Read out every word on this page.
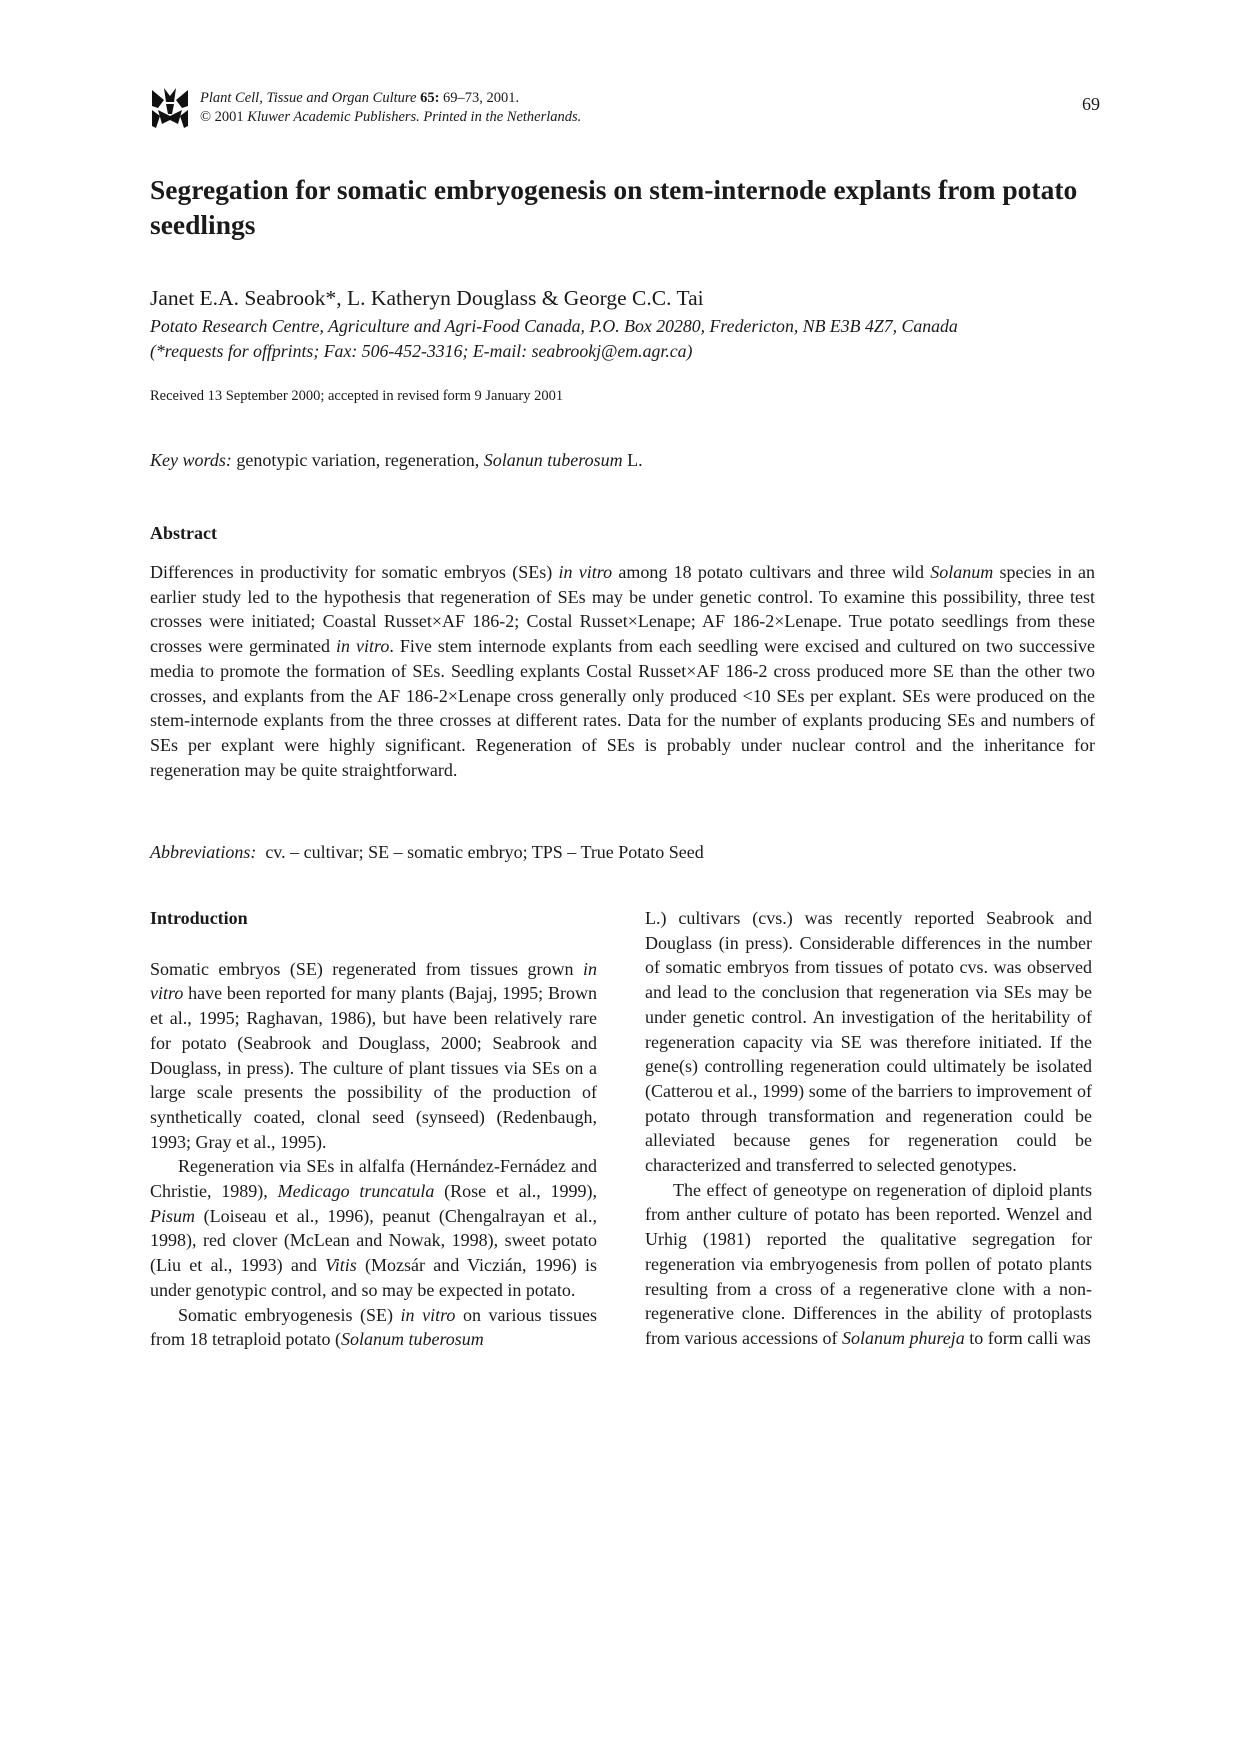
Plant Cell, Tissue and Organ Culture 65: 69–73, 2001.
© 2001 Kluwer Academic Publishers. Printed in the Netherlands.
69
Segregation for somatic embryogenesis on stem-internode explants from potato seedlings
Janet E.A. Seabrook*, L. Katheryn Douglass & George C.C. Tai
Potato Research Centre, Agriculture and Agri-Food Canada, P.O. Box 20280, Fredericton, NB E3B 4Z7, Canada
(*requests for offprints; Fax: 506-452-3316; E-mail: seabrookj@em.agr.ca)
Received 13 September 2000; accepted in revised form 9 January 2001
Key words: genotypic variation, regeneration, Solanun tuberosum L.
Abstract

Differences in productivity for somatic embryos (SEs) in vitro among 18 potato cultivars and three wild Solanum species in an earlier study led to the hypothesis that regeneration of SEs may be under genetic control. To examine this possibility, three test crosses were initiated; Coastal Russet×AF 186-2; Costal Russet×Lenape; AF 186-2×Lenape. True potato seedlings from these crosses were germinated in vitro. Five stem internode explants from each seedling were excised and cultured on two successive media to promote the formation of SEs. Seedling explants Costal Russet×AF 186-2 cross produced more SE than the other two crosses, and explants from the AF 186-2×Lenape cross generally only produced <10 SEs per explant. SEs were produced on the stem-internode explants from the three crosses at different rates. Data for the number of explants producing SEs and numbers of SEs per explant were highly significant. Regeneration of SEs is probably under nuclear control and the inheritance for regeneration may be quite straightforward.

Abbreviations: cv. – cultivar; SE – somatic embryo; TPS – True Potato Seed

Introduction

Somatic embryos (SE) regenerated from tissues grown in vitro have been reported for many plants (Bajaj, 1995; Brown et al., 1995; Raghavan, 1986), but have been relatively rare for potato (Seabrook and Douglass, 2000; Seabrook and Douglass, in press). The culture of plant tissues via SEs on a large scale presents the possibility of the production of synthetically coated, clonal seed (synseed) (Redenbaugh, 1993; Gray et al., 1995).

Regeneration via SEs in alfalfa (Hernández-Fernádez and Christie, 1989), Medicago truncatula (Rose et al., 1999), Pisum (Loiseau et al., 1996), peanut (Chengalrayan et al., 1998), red clover (McLean and Nowak, 1998), sweet potato (Liu et al., 1993) and Vitis (Mozsár and Viczián, 1996) is under genotypic control, and so may be expected in potato.

Somatic embryogenesis (SE) in vitro on various tissues from 18 tetraploid potato (Solanum tuberosum

L.) cultivars (cvs.) was recently reported Seabrook and Douglass (in press). Considerable differences in the number of somatic embryos from tissues of potato cvs. was observed and lead to the conclusion that regeneration via SEs may be under genetic control. An investigation of the heritability of regeneration capacity via SE was therefore initiated. If the gene(s) controlling regeneration could ultimately be isolated (Catterou et al., 1999) some of the barriers to improvement of potato through transformation and regeneration could be alleviated because genes for regeneration could be characterized and transferred to selected genotypes.

The effect of geneotype on regeneration of diploid plants from anther culture of potato has been reported. Wenzel and Urhig (1981) reported the qualitative segregation for regeneration via embryogenesis from pollen of potato plants resulting from a cross of a regenerative clone with a non-regenerative clone. Differences in the ability of protoplasts from various accessions of Solanum phureja to form calli was
